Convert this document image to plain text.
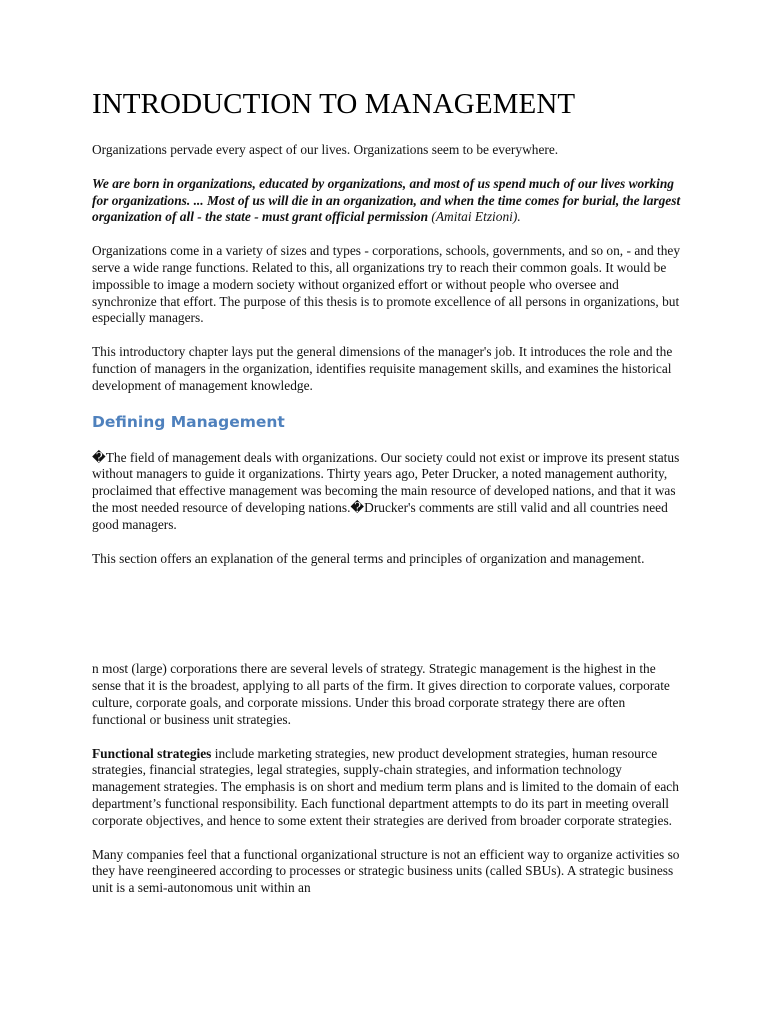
INTRODUCTION TO MANAGEMENT

Organizations pervade every aspect of our lives. Organizations seem to be everywhere.

We are born in organizations, educated by organizations, and most of us spend much of our lives working for organizations. ... Most of us will die in an organization, and when the time comes for burial, the largest organization of all - the state - must grant official permission (Amitai Etzioni).

Organizations come in a variety of sizes and types - corporations, schools, governments, and so on, - and they serve a wide range functions. Related to this, all organizations try to reach their common goals. It would be impossible to image a modern society without organized effort or without people who oversee and synchronize that effort. The purpose of this thesis is to promote excellence of all persons in organizations, but especially managers.

This introductory chapter lays put the general dimensions of the manager's job. It introduces the role and the function of managers in the organization, identifies requisite management skills, and examines the historical development of management knowledge.

Defining Management

�The field of management deals with organizations. Our society could not exist or improve its present status without managers to guide it organizations. Thirty years ago, Peter Drucker, a noted management authority, proclaimed that effective management was becoming the main resource of developed nations, and that it was the most needed resource of developing nations.�Drucker's comments are still valid and all countries need good managers.

This section offers an explanation of the general terms and principles of organization and management.

n most (large) corporations there are several levels of strategy. Strategic management is the highest in the sense that it is the broadest, applying to all parts of the firm. It gives direction to corporate values, corporate culture, corporate goals, and corporate missions. Under this broad corporate strategy there are often functional or business unit strategies.

Functional strategies include marketing strategies, new product development strategies, human resource strategies, financial strategies, legal strategies, supply-chain strategies, and information technology management strategies. The emphasis is on short and medium term plans and is limited to the domain of each department’s functional responsibility. Each functional department attempts to do its part in meeting overall corporate objectives, and hence to some extent their strategies are derived from broader corporate strategies.

Many companies feel that a functional organizational structure is not an efficient way to organize activities so they have reengineered according to processes or strategic business units (called SBUs). A strategic business unit is a semi-autonomous unit within an
